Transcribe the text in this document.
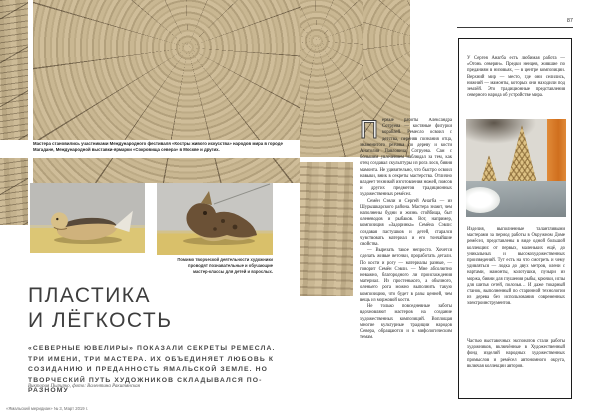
Мастера становились участниками Международного фестиваля «Костры живого искусства» народов мира в городе Магадане, Международной выставки-ярмарки «Сокровища севера» в Москве и других.
Помимо творческой деятельности художники проводят познавательные и обучающие мастер-классы для детей и взрослых.
ПЛАСТИКА
И ЛЁГКОСТЬ
«СЕВЕРНЫЕ ЮВЕЛИРЫ» ПОКАЗАЛИ СЕКРЕТЫ РЕМЕСЛА. ТРИ ИМЕНИ, ТРИ МАСТЕРА. ИХ ОБЪЕДИНЯЕТ ЛЮБОВЬ К СОЗИДАНИЮ И ПРЕДАННОСТЬ ЯМАЛЬСКОЙ ЗЕМЛЕ. НО ТВОРЧЕСКИЙ ПУТЬ ХУДОЖНИКОВ СКЛАДЫВАЛСЯ ПО-РАЗНОМУ
Виктория Пырирко, фото: Валентина Ракитянская
«Ямальский меридиан» № 3, Март 2019 г.
87

Первые работы Александра Сотруева — костяные фигурки кораблей. Ремесло освоил с детства, переняв познания отца, знаменитого резчика по дереву и кости Анатолия Павловича Сотруева. Сам с большим увлечением наблюдал за тем, как отец создавал скульптуры из рога лося, бивня мамонта. Не удивительно, что быстро освоил навыки, вник в секреты мастерства. Отлично владеет техникой изготовления ножей, поясов и других предметов традиционных художественных ремёсел.

Семён Сэвли и Сергей Анагба — из Шурышкарского района. Мастера знают, чем наполнены будни и жизнь стойбища, быт оленеводов и рыбаков. Вот, например, композиция «Задоринка» Семёна Сэвли: создавая пастушков и детей, старался чувствовать материал и его тончайшие свойства.

— Вырезать такое непросто. Хочется сделать живые веточки, проработать детали. По кости и рогу — материалы разные, — говорит Семён Сэвли. — Мне абсолютно неважно, благородного ли происхождения материал. Из простенького, а обычного, оленьего рога можно выполнить такую композицию, что будет в разы ценней, чем вещь из моржовой кости.

Не только повседневные заботы вдохновляют мастеров на создание художественных композиций. Воплощая многие культурные традиции народов Севера, обращаются и к мифологическим темам.

У Сергея Анагба есть любимая работа — «Огонь северян». Предки ненцев, жившие по преданиям в низовьях, — в центре композиции. Верхний мир — место, где они селились, нижний — мамонты, которых они находили под землёй. Это традиционные представления северного народа об устройстве мира.
Изделия, выполненные талантливыми мастерами за период работы в Окружном Доме ремёсел, представлены в виде одной большой коллекции: от первых, маленьких ещё, до уникальных и высокохудожественных произведений. Тут есть на что смотреть и чему удивляться — лодка до двух метров, олени с нартами, мамонты, колотушки, пузыри из моржа, бивни для глушения рыбы, крючки, иглы для шитья сетей, полозья… И даже токарный станок, выполненный по старинной технологии из дерева без использования современных электроинструментов.
Частью выставочных экспонатов стали работы художников, включённые в Художественный фонд изделий народных художественных промыслов и ремёсел автономного округа, включая коллекции авторов.
